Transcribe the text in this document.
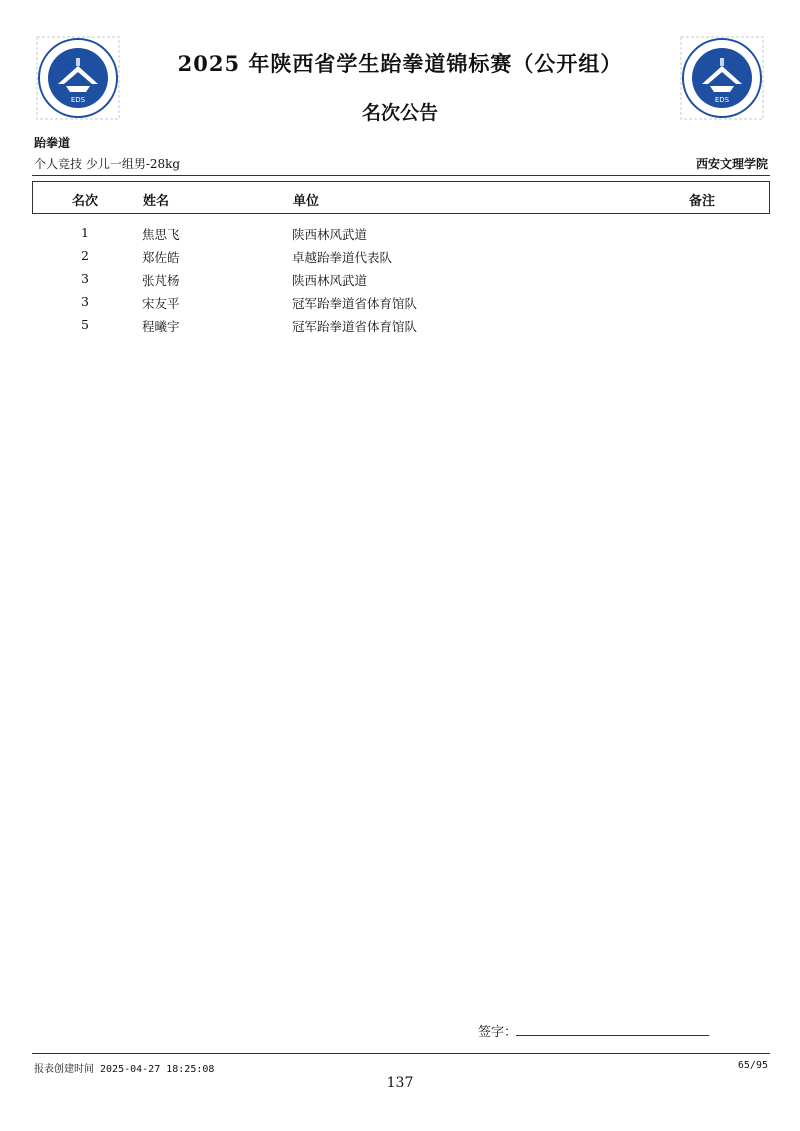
EDS	EDS
2025 年陕西省学生跆拳道锦标赛（公开组）
名次公告
跆拳道
个人竞技 少儿一组男-28kg	西安文理学院
名次	姓名	单位	备注
1	焦思飞	陕西林风武道
2	郑佐皓	卓越跆拳道代表队
3	张芃杨	陕西林风武道
3	宋友平	冠军跆拳道省体育馆队
5	程曦宇	冠军跆拳道省体育馆队
签字：
报表创建时间 2025-04-27 18:25:08	65/95
137
